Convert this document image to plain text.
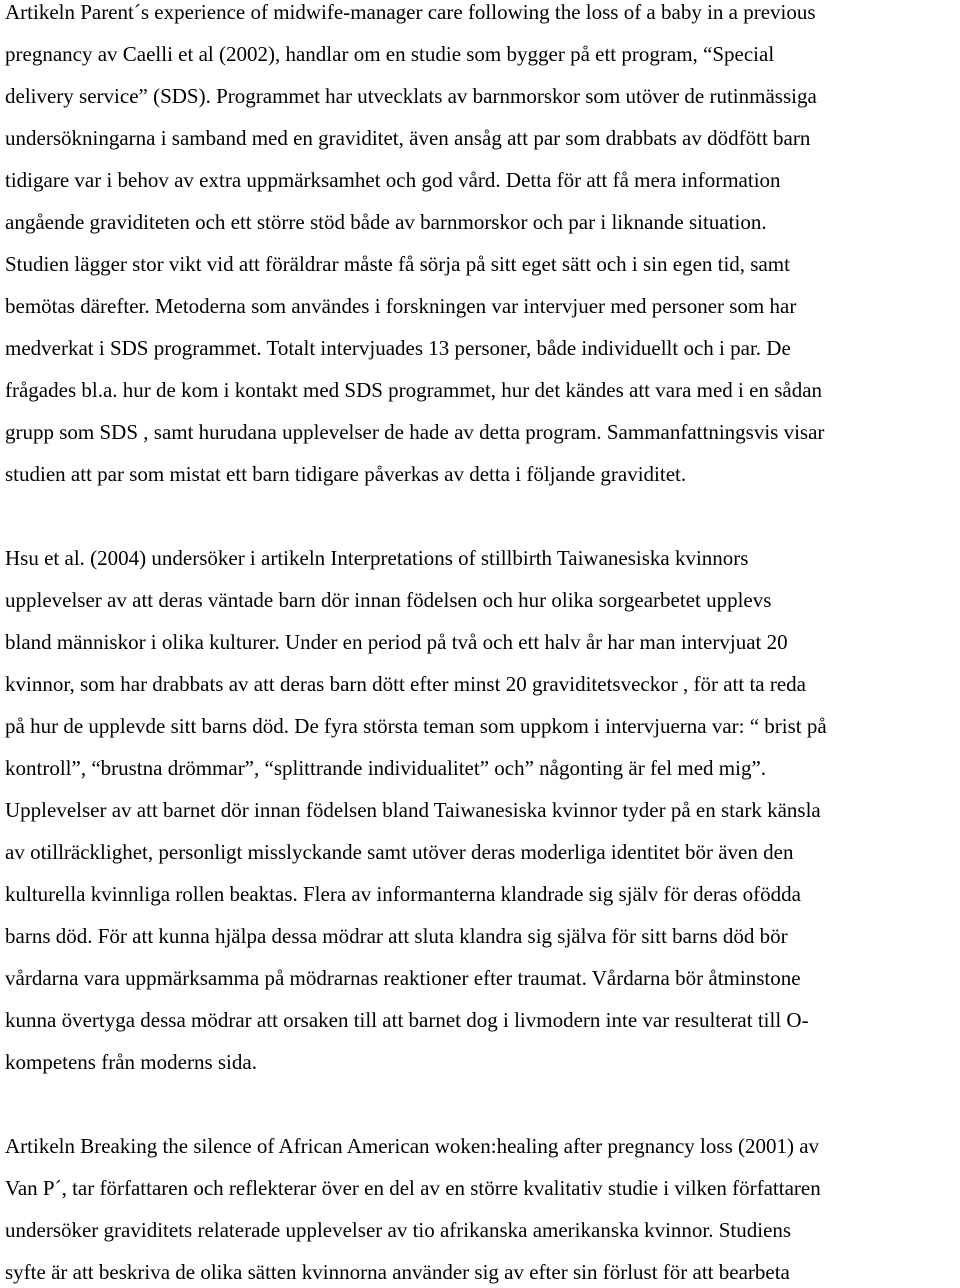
Artikeln Parent´s experience of midwife-manager care following the loss of a baby in a previous
pregnancy av Caelli et al (2002), handlar om en studie som bygger på ett program, “Special
delivery service” (SDS). Programmet har utvecklats av barnmorskor som utöver de rutinmässiga
undersökningarna i samband med en graviditet, även ansåg att par som drabbats av dödfött barn
tidigare var i behov av extra uppmärksamhet och god vård. Detta för att få mera information
angående graviditeten och ett större stöd både av barnmorskor och par i liknande situation.
Studien lägger stor vikt vid att föräldrar måste få sörja på sitt eget sätt och i sin egen tid, samt
bemötas därefter. Metoderna som användes i forskningen var intervjuer med personer som har
medverkat i SDS programmet. Totalt intervjuades 13 personer, både individuellt och i par. De
frågades bl.a. hur de kom i kontakt med SDS programmet, hur det kändes att vara med i en sådan
grupp som SDS , samt hurudana upplevelser de hade av detta program. Sammanfattningsvis visar
studien att par som mistat ett barn tidigare påverkas av detta i följande graviditet.
Hsu et al. (2004) undersöker i artikeln Interpretations of stillbirth Taiwanesiska kvinnors
upplevelser av att deras väntade barn dör innan födelsen och hur olika sorgearbetet upplevs
bland människor i olika kulturer. Under en period på två och ett halv år har man intervjuat 20
kvinnor, som har drabbats av att deras barn dött efter minst 20 graviditetsveckor , för att ta reda
på hur de upplevde sitt barns död. De fyra största teman som uppkom i intervjuerna var: “ brist på
kontroll”, “brustna drömmar”, “splittrande individualitet” och” någonting är fel med mig”.
Upplevelser av att barnet dör innan födelsen bland Taiwanesiska kvinnor tyder på en stark känsla
av otillräcklighet, personligt misslyckande samt utöver deras moderliga identitet bör även den
kulturella kvinnliga rollen beaktas. Flera av informanterna klandrade sig själv för deras ofödda
barns död. För att kunna hjälpa dessa mödrar att sluta klandra sig själva för sitt barns död bör
vårdarna vara uppmärksamma på mödrarnas reaktioner efter traumat. Vårdarna bör åtminstone
kunna övertyga dessa mödrar att orsaken till att barnet dog i livmodern inte var resulterat till O-
kompetens från moderns sida.
Artikeln Breaking the silence of African American woken:healing after pregnancy loss (2001) av
Van P´, tar författaren och reflekterar över en del av en större kvalitativ studie i vilken författaren
undersöker graviditets relaterade upplevelser av tio afrikanska amerikanska kvinnor. Studiens
syfte är att beskriva de olika sätten kvinnorna använder sig av efter sin förlust för att bearbeta
